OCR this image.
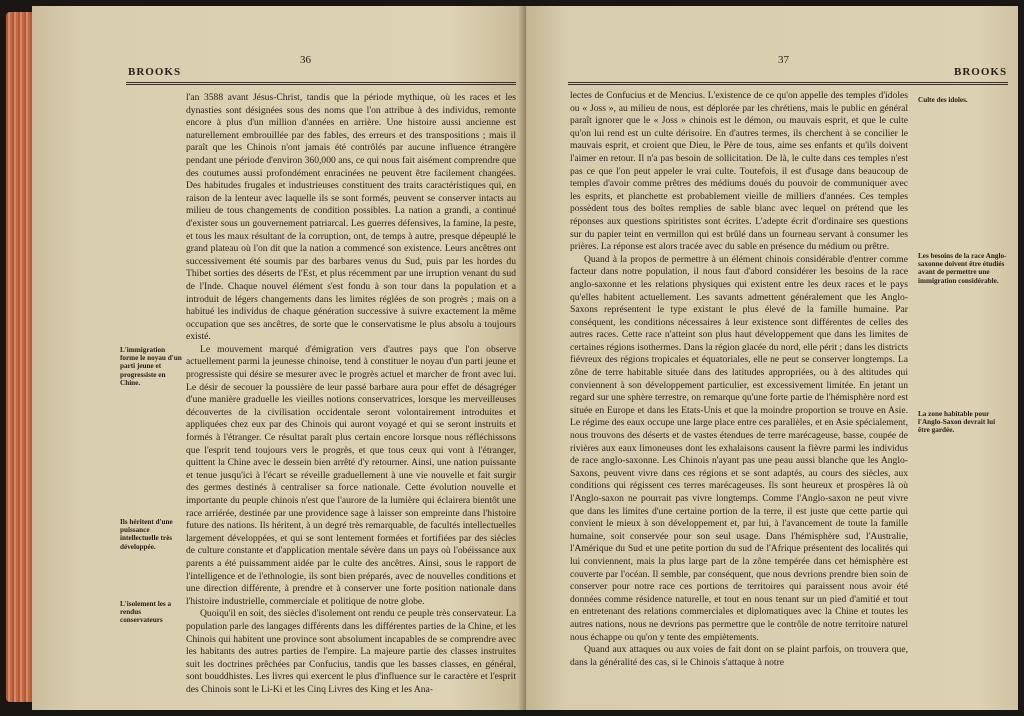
BROOKS
36

l'an 3588 avant Jésus-Christ, tandis que la période mythique, où les races et les dynasties sont désignées sous des noms que l'on attribue à des individus, remonte encore à plus d'un million d'années en arrière. Une histoire aussi ancienne est naturellement embrouillée par des fables, des erreurs et des transpositions ; mais il paraît que les Chinois n'ont jamais été contrôlés par aucune influence étrangère pendant une période d'environ 360,000 ans, ce qui nous fait aisément comprendre que des coutumes aussi profondément enracinées ne peuvent être facilement changées. Des habitudes frugales et industrieuses constituent des traits caractéristiques qui, en raison de la lenteur avec laquelle ils se sont formés, peuvent se conserver intacts au milieu de tous changements de condition possibles. La nation a grandi, a continué d'exister sous un gouvernement patriarcal. Les guerres défensives, la famine, la peste, et tous les maux résultant de la corruption, ont, de temps à autre, presque dépeuplé le grand plateau où l'on dit que la nation a commencé son existence. Leurs ancêtres ont successivement été soumis par des barbares venus du Sud, puis par les hordes du Thibet sorties des déserts de l'Est, et plus récemment par une irruption venant du sud de l'Inde. Chaque nouvel élément s'est fondu à son tour dans la population et a introduit de légers changements dans les limites réglées de son progrès ; mais on a habitué les individus de chaque génération successive à suivre exactement la même occupation que ses ancêtres, de sorte que le conservatisme le plus absolu a toujours existé.

Le mouvement marqué d'émigration vers d'autres pays que l'on observe actuellement parmi la jeunesse chinoise, tend à constituer le noyau d'un parti jeune et progressiste qui désire se mesurer avec le progrès actuel et marcher de front avec lui. Le désir de secouer la poussière de leur passé barbare aura pour effet de désagréger d'une manière graduelle les vieilles notions conservatrices, lorsque les merveilleuses découvertes de la civilisation occidentale seront volontairement introduites et appliquées chez eux par des Chinois qui auront voyagé et qui se seront instruits et formés à l'étranger. Ce résultat paraît plus certain encore lorsque nous réfléchissons que l'esprit tend toujours vers le progrès, et que tous ceux qui vont à l'étranger, quittent la Chine avec le dessein bien arrêté d'y retourner. Ainsi, une nation puissante et tenue jusqu'ici à l'écart se réveille graduellement à une vie nouvelle et fait surgir des germes destinés à centraliser sa force nationale. Cette évolution nouvelle et importante du peuple chinois n'est que l'aurore de la lumière qui éclairera bientôt une race arriérée, destinée par une providence sage à laisser son empreinte dans l'histoire future des nations. Ils héritent, à un degré très remarquable, de facultés intellectuelles largement développées, et qui se sont lentement formées et fortifiées par des siècles de culture constante et d'application mentale sévère dans un pays où l'obéissance aux parents a été puissamment aidée par le culte des ancêtres. Ainsi, sous le rapport de l'intelligence et de l'ethnologie, ils sont bien préparés, avec de nouvelles conditions et une direction différente, à prendre et à conserver une forte position nationale dans l'histoire industrielle, commerciale et politique de notre globe.

Quoiqu'il en soit, des siècles d'isolement ont rendu ce peuple très conservateur. La population parle des langages différents dans les différentes parties de la Chine, et les Chinois qui habitent une province sont absolument incapables de se comprendre avec les habitants des autres parties de l'empire. La majeure partie des classes instruites suit les doctrines prêchées par Confucius, tandis que les basses classes, en général, sont bouddhistes. Les livres qui exercent le plus d'influence sur le caractère et l'esprit des Chinois sont le Li-Ki et les Cinq Livres des King et les Ana-

L'immigration forme le noyau d'un parti jeune et progressiste en Chine.
Ils héritent d'une puissance intellectuelle très développée.
L'isolement les a rendus conservateurs
37
BROOKS

lectes de Confucius et de Mencius. L'existence de ce qu'on appelle des temples d'idoles ou « Joss », au milieu de nous, est déplorée par les chrétiens, mais le public en général paraît ignorer que le « Joss » chinois est le démon, ou mauvais esprit, et que le culte qu'on lui rend est un culte dérisoire. En d'autres termes, ils cherchent à se concilier le mauvais esprit, et croient que Dieu, le Père de tous, aime ses enfants et qu'ils doivent l'aimer en retour. Il n'a pas besoin de sollicitation. De là, le culte dans ces temples n'est pas ce que l'on peut appeler le vrai culte. Toutefois, il est d'usage dans beaucoup de temples d'avoir comme prêtres des médiums doués du pouvoir de communiquer avec les esprits, et planchette est probablement vieille de milliers d'années. Ces temples possèdent tous des boîtes remplies de sable blanc avec lequel on prétend que les réponses aux questions spiritistes sont écrites. L'adepte écrit d'ordinaire ses questions sur du papier teint en vermillon qui est brûlé dans un fourneau servant à consumer les prières. La réponse est alors tracée avec du sable en présence du médium ou prêtre.

Quand à la propos de permettre à un élément chinois considérable d'entrer comme facteur dans notre population, il nous faut d'abord considérer les besoins de la race anglo-saxonne et les relations physiques qui existent entre les deux races et le pays qu'elles habitent actuellement. Les savants admettent généralement que les Anglo-Saxons représentent le type existant le plus élevé de la famille humaine. Par conséquent, les conditions nécessaires à leur existence sont différentes de celles des autres races. Cette race n'atteint son plus haut développement que dans les limites de certaines régions isothermes. Dans la région glacée du nord, elle périt ; dans les districts fiévreux des régions tropicales et équatoriales, elle ne peut se conserver longtemps. La zône de terre habitable située dans des latitudes appropriées, ou à des altitudes qui conviennent à son développement particulier, est excessivement limitée. En jetant un regard sur une sphère terrestre, on remarque qu'une forte partie de l'hémisphère nord est située en Europe et dans les Etats-Unis et que la moindre proportion se trouve en Asie. Le régime des eaux occupe une large place entre ces parallèles, et en Asie spécialement, nous trouvons des déserts et de vastes étendues de terre marécageuse, basse, coupée de rivières aux eaux limoneuses dont les exhalaisons causent la fièvre parmi les individus de race anglo-saxonne. Les Chinois n'ayant pas une peau aussi blanche que les Anglo-Saxons, peuvent vivre dans ces régions et se sont adaptés, au cours des siècles, aux conditions qui régissent ces terres marécageuses. Ils sont heureux et prospères là où l'Anglo-saxon ne pourrait pas vivre longtemps. Comme l'Anglo-saxon ne peut vivre que dans les limites d'une certaine portion de la terre, il est juste que cette partie qui convient le mieux à son développement et, par lui, à l'avancement de toute la famille humaine, soit conservée pour son seul usage. Dans l'hémisphère sud, l'Australie, l'Amérique du Sud et une petite portion du sud de l'Afrique présentent des localités qui lui conviennent, mais la plus large part de la zône tempérée dans cet hémisphère est couverte par l'océan. Il semble, par conséquent, que nous devrions prendre bien soin de conserver pour notre race ces portions de territoires qui paraissent nous avoir été données comme résidence naturelle, et tout en nous tenant sur un pied d'amitié et tout en entretenant des relations commerciales et diplomatiques avec la Chine et toutes les autres nations, nous ne devrions pas permettre que le contrôle de notre territoire naturel nous échappe ou qu'on y tente des empiètements.

Quand aux attaques ou aux voies de fait dont on se plaint parfois, on trouvera que, dans la généralité des cas, si le Chinois s'attaque à notre

Culte des idoles.
Les besoins de la race Anglo-saxonne doivent être étudiés avant de permettre une immigration considérable.
La zone habitable pour l'Anglo-Saxon devrait lui être gardée.
